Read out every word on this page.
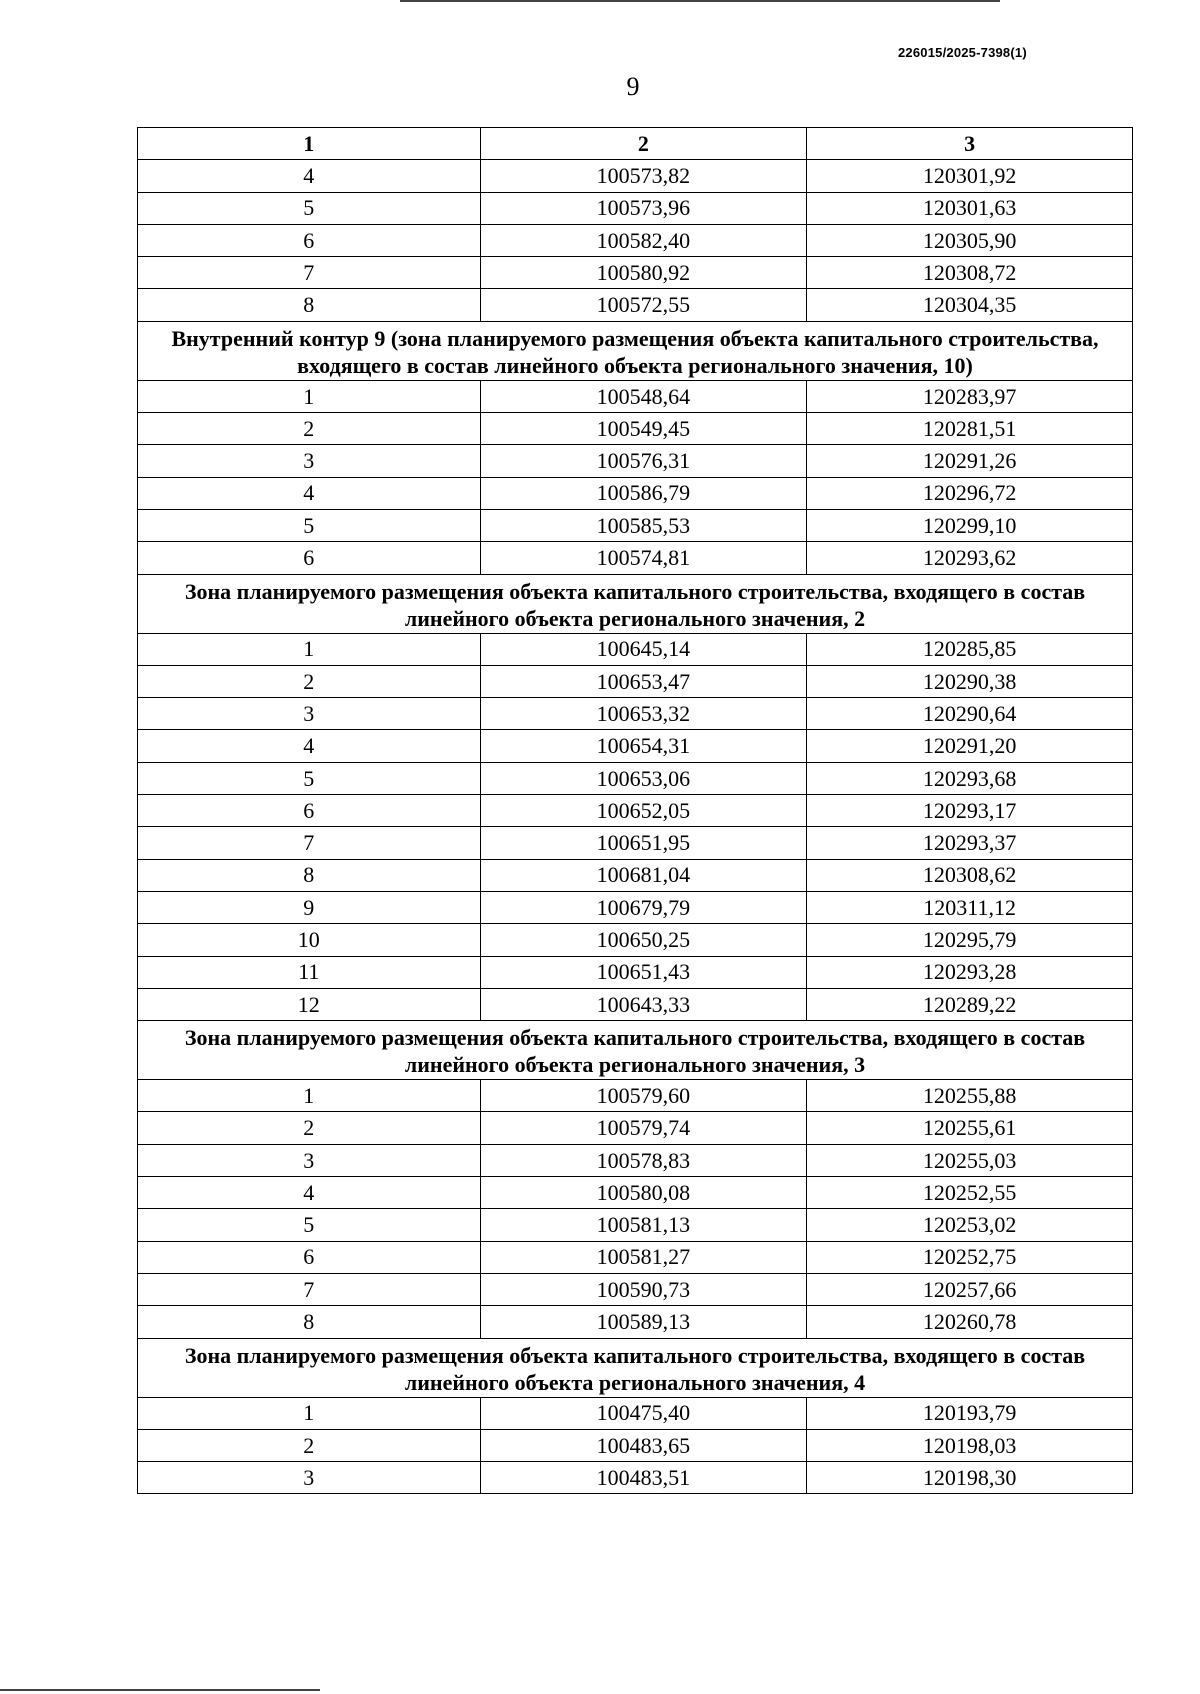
226015/2025-7398(1)
9
1	2	3
4	100573,82	120301,92
5	100573,96	120301,63
6	100582,40	120305,90
7	100580,92	120308,72
8	100572,55	120304,35
Внутренний контур 9 (зона планируемого размещения объекта капитального строительства, входящего в состав линейного объекта регионального значения, 10)		
1	100548,64	120283,97
2	100549,45	120281,51
3	100576,31	120291,26
4	100586,79	120296,72
5	100585,53	120299,10
6	100574,81	120293,62
Зона планируемого размещения объекта капитального строительства, входящего в состав линейного объекта регионального значения, 2		
1	100645,14	120285,85
2	100653,47	120290,38
3	100653,32	120290,64
4	100654,31	120291,20
5	100653,06	120293,68
6	100652,05	120293,17
7	100651,95	120293,37
8	100681,04	120308,62
9	100679,79	120311,12
10	100650,25	120295,79
11	100651,43	120293,28
12	100643,33	120289,22
Зона планируемого размещения объекта капитального строительства, входящего в состав линейного объекта регионального значения, 3		
1	100579,60	120255,88
2	100579,74	120255,61
3	100578,83	120255,03
4	100580,08	120252,55
5	100581,13	120253,02
6	100581,27	120252,75
7	100590,73	120257,66
8	100589,13	120260,78
Зона планируемого размещения объекта капитального строительства, входящего в состав линейного объекта регионального значения, 4		
1	100475,40	120193,79
2	100483,65	120198,03
3	100483,51	120198,30
